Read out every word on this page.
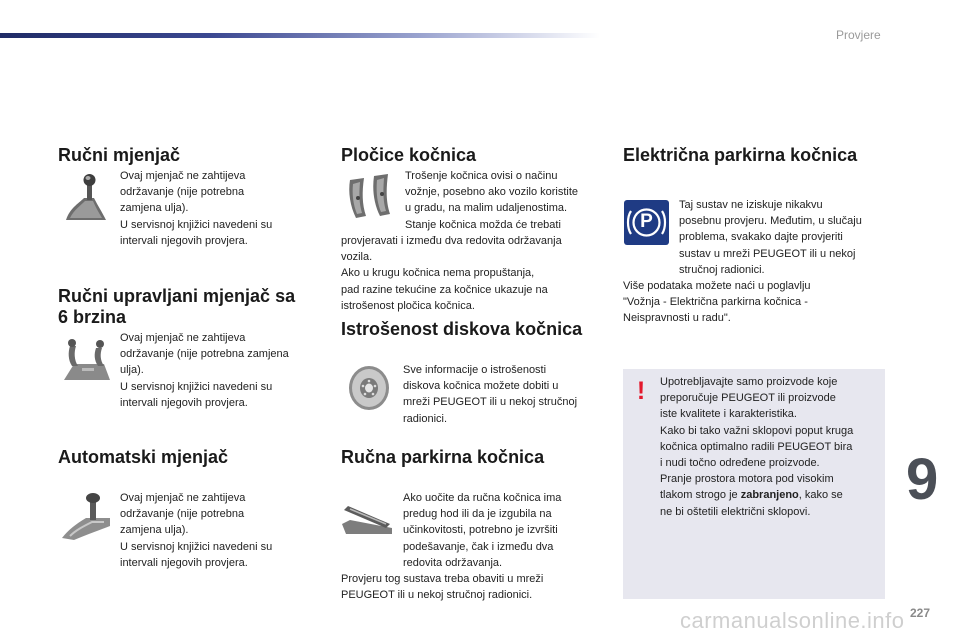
Provjere
Ručni mjenjač
Ovaj mjenjač ne zahtijeva
održavanje (nije potrebna
zamjena ulja).
U servisnoj knjižici navedeni su
intervali njegovih provjera.
Ručni upravljani mjenjač sa
6 brzina
Ovaj mjenjač ne zahtijeva
održavanje (nije potrebna zamjena
ulja).
U servisnoj knjižici navedeni su
intervali njegovih provjera.
Automatski mjenjač
Ovaj mjenjač ne zahtijeva
održavanje (nije potrebna
zamjena ulja).
U servisnoj knjižici navedeni su
intervali njegovih provjera.
Pločice kočnica
Trošenje kočnica ovisi o načinu
vožnje, posebno ako vozilo koristite
u gradu, na malim udaljenostima.
Stanje kočnica možda će trebati
provjeravati i između dva redovita održavanja
vozila.
Ako u krugu kočnica nema propuštanja,
pad razine tekućine za kočnice ukazuje na
istrošenost pločica kočnica.
Istrošenost diskova kočnica
Sve informacije o istrošenosti
diskova kočnica možete dobiti u
mreži PEUGEOT ili u nekoj stručnoj
radionici.
Ručna parkirna kočnica
Ako uočite da ručna kočnica ima
predug hod ili da je izgubila na
učinkovitosti, potrebno je izvršiti
podešavanje, čak i između dva
redovita održavanja.
Provjeru tog sustava treba obaviti u mreži
PEUGEOT ili u nekoj stručnoj radionici.
Električna parkirna kočnica
P
Taj sustav ne iziskuje nikakvu
posebnu provjeru. Međutim, u slučaju
problema, svakako dajte provjeriti
sustav u mreži PEUGEOT ili u nekoj
stručnoj radionici.
Više podataka možete naći u poglavlju
"Vožnja - Električna parkirna kočnica -
Neispravnosti u radu".
!	Upotrebljavajte samo proizvode koje
preporučuje PEUGEOT ili proizvode
iste kvalitete i karakteristika.
Kako bi tako važni sklopovi poput kruga
kočnica optimalno radili PEUGEOT bira
i nudi točno određene proizvode.
Pranje prostora motora pod visokim
tlakom strogo je zabranjeno, kako se
ne bi oštetili električni sklopovi.	9
carmanualsonline.info 227
